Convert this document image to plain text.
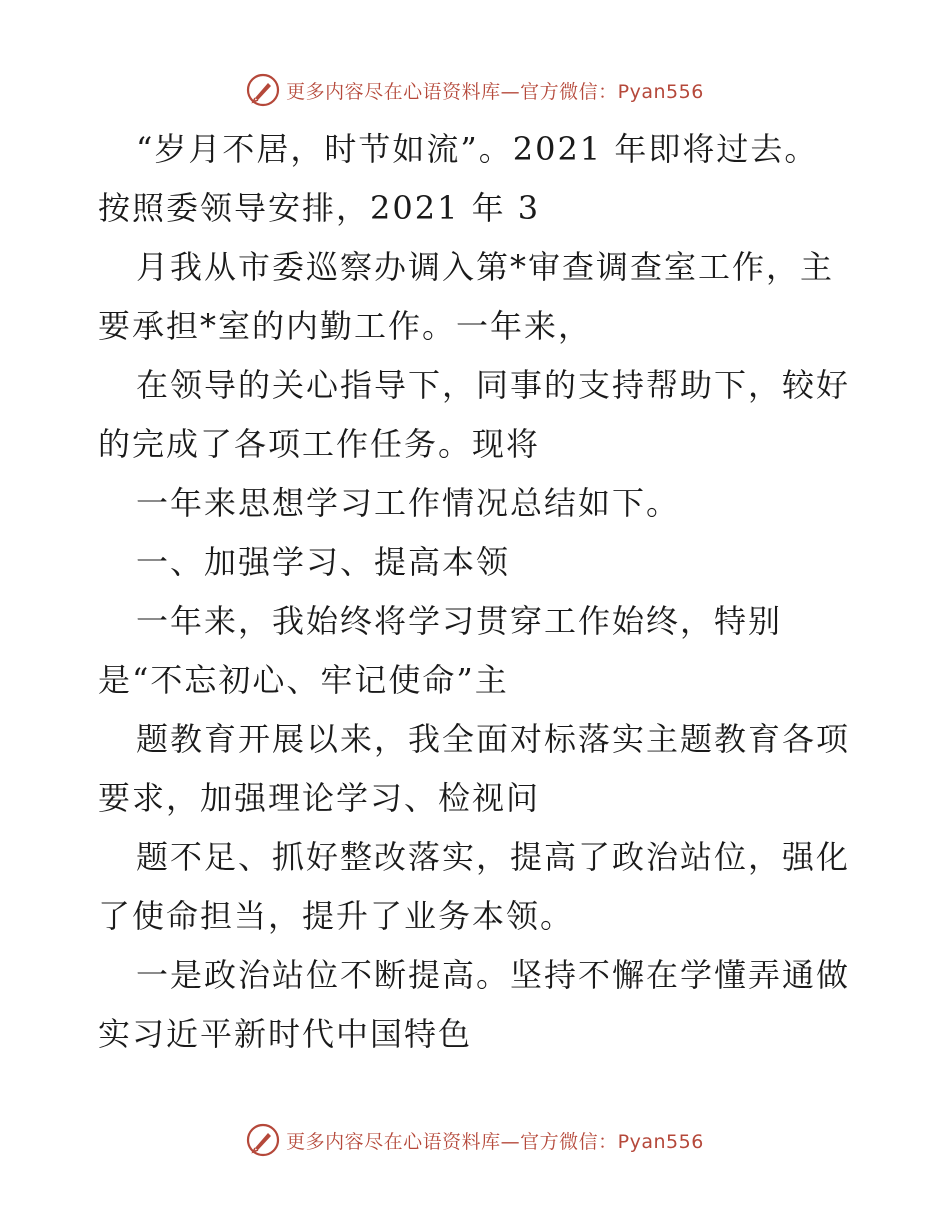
更多内容尽在心语资料库—官方微信：Pyan556

“岁月不居，时节如流”。2021 年即将过去。

按照委领导安排，2021 年 3

月我从市委巡察办调入第*审查调查室工作，主

要承担*室的内勤工作。一年来，

在领导的关心指导下，同事的支持帮助下，较好

的完成了各项工作任务。现将

一年来思想学习工作情况总结如下。

一、加强学习、提高本领

一年来，我始终将学习贯穿工作始终，特别

是“不忘初心、牢记使命”主

题教育开展以来，我全面对标落实主题教育各项

要求，加强理论学习、检视问

题不足、抓好整改落实，提高了政治站位，强化

了使命担当，提升了业务本领。

一是政治站位不断提高。坚持不懈在学懂弄通做

实习近平新时代中国特色

更多内容尽在心语资料库—官方微信：Pyan556
